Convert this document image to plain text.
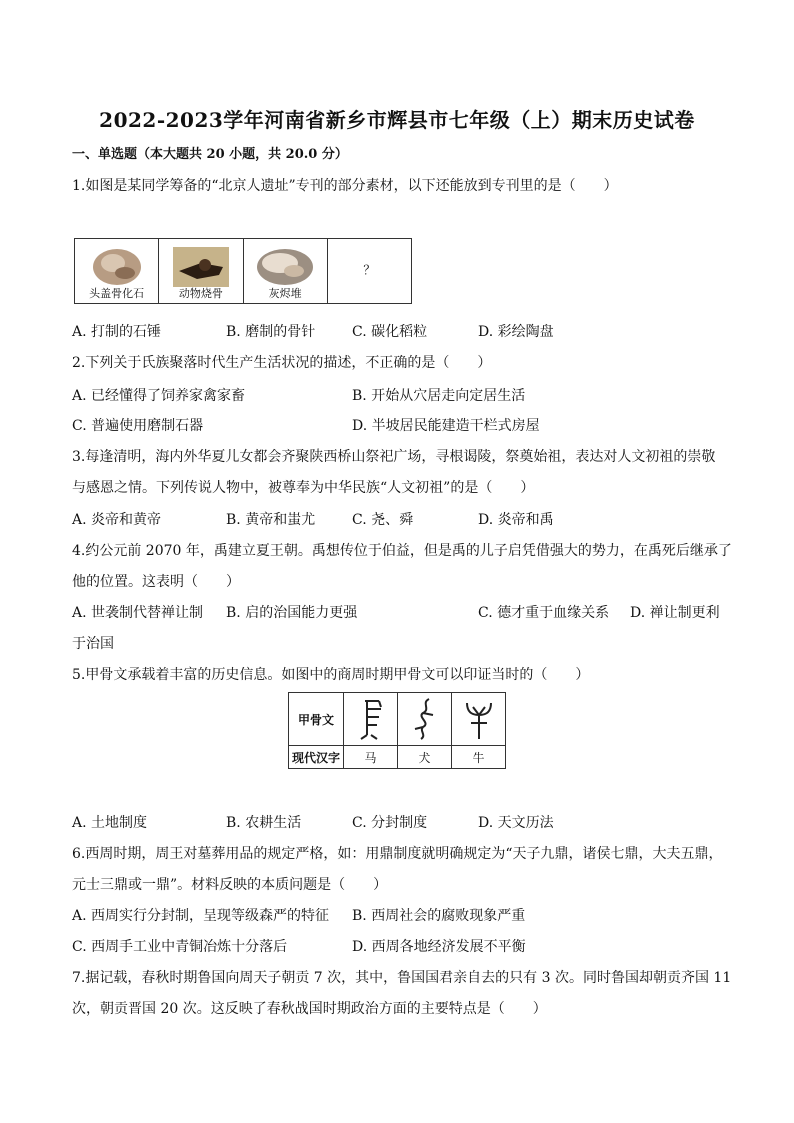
2022-2023学年河南省新乡市辉县市七年级（上）期末历史试卷
一、单选题（本大题共 20 小题，共 20.0 分）
1.如图是某同学筹备的“北京人遗址”专刊的部分素材，以下还能放到专刊里的是（　　）
头盖骨化石	动物烧骨	灰烬堆
？
A. 打制的石锤	B. 磨制的骨针	C. 碳化稻粒	D. 彩绘陶盘
2.下列关于氏族聚落时代生产生活状况的描述，不正确的是（　　）
A. 已经懂得了饲养家禽家畜	B. 开始从穴居走向定居生活
C. 普遍使用磨制石器	D. 半坡居民能建造干栏式房屋
3.每逢清明，海内外华夏儿女都会齐聚陕西桥山祭祀广场，寻根谒陵，祭奠始祖，表达对人文初祖的崇敬
与感恩之情。下列传说人物中，被尊奉为中华民族“人文初祖”的是（　　）
A. 炎帝和黄帝	B. 黄帝和蚩尤	C. 尧、舜	D. 炎帝和禹
4.约公元前 2070 年，禹建立夏王朝。禹想传位于伯益，但是禹的儿子启凭借强大的势力，在禹死后继承了
他的位置。这表明（　　）
A. 世袭制代替禅让制 B. 启的治国能力更强	C. 德才重于血缘关系 D. 禅让制更利
于治国
5.甲骨文承载着丰富的历史信息。如图中的商周时期甲骨文可以印证当时的（　　）
甲骨文			
现代汉字	马	犬	牛
A. 土地制度	B. 农耕生活	C. 分封制度	D. 天文历法
6.西周时期，周王对墓葬用品的规定严格，如：用鼎制度就明确规定为“天子九鼎，诸侯七鼎，大夫五鼎，
元士三鼎或一鼎”。材料反映的本质问题是（　　）
A. 西周实行分封制，呈现等级森严的特征 B. 西周社会的腐败现象严重
C. 西周手工业中青铜冶炼十分落后	D. 西周各地经济发展不平衡
7.据记载，春秋时期鲁国向周天子朝贡 7 次，其中，鲁国国君亲自去的只有 3 次。同时鲁国却朝贡齐国 11
次，朝贡晋国 20 次。这反映了春秋战国时期政治方面的主要特点是（　　）
